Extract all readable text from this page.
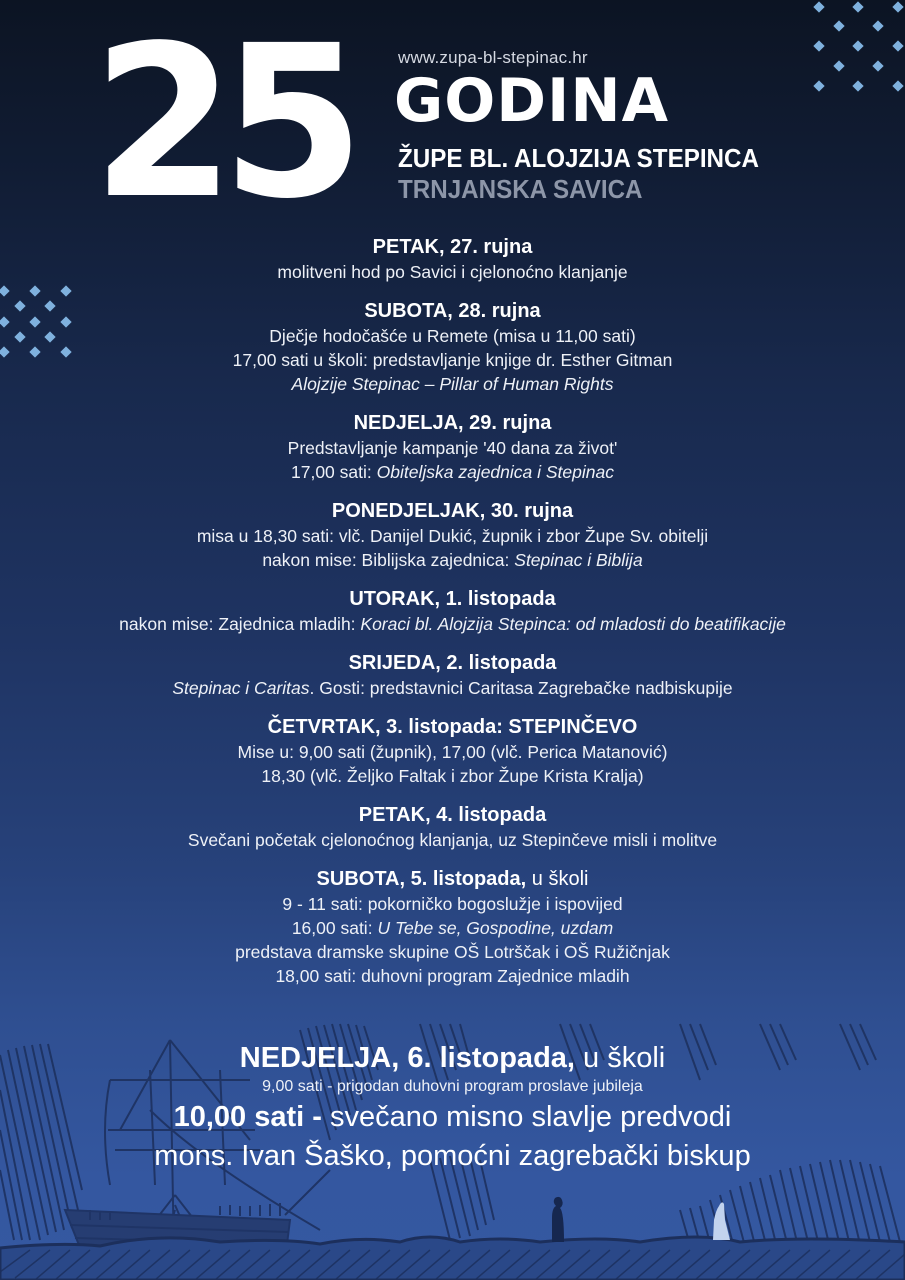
25	www.zupa-bl-stepinac.hr
GODINA
ŽUPE BL. ALOJZIJA STEPINCA
TRNJANSKA SAVICA
PETAK, 27. rujna
molitveni hod po Savici i cjelonoćno klanjanje
SUBOTA, 28. rujna
Dječje hodočašće u Remete (misa u 11,00 sati)
17,00 sati u školi: predstavljanje knjige dr. Esther Gitman
Alojzije Stepinac – Pillar of Human Rights
NEDJELJA, 29. rujna
Predstavljanje kampanje '40 dana za život'
17,00 sati: Obiteljska zajednica i Stepinac
PONEDJELJAK, 30. rujna
misa u 18,30 sati: vlč. Danijel Dukić, župnik i zbor Župe Sv. obitelji
nakon mise: Biblijska zajednica: Stepinac i Biblija
UTORAK, 1. listopada
nakon mise: Zajednica mladih: Koraci bl. Alojzija Stepinca: od mladosti do beatifikacije
SRIJEDA, 2. listopada
Stepinac i Caritas. Gosti: predstavnici Caritasa Zagrebačke nadbiskupije
ČETVRTAK, 3. listopada: STEPINČEVO
Mise u: 9,00 sati (župnik), 17,00 (vlč. Perica Matanović)
18,30 (vlč. Željko Faltak i zbor Župe Krista Kralja)
PETAK, 4. listopada
Svečani početak cjelonoćnog klanjanja, uz Stepinčeve misli i molitve
SUBOTA, 5. listopada, u školi
9 - 11 sati: pokorničko bogoslužje i ispovijed
16,00 sati: U Tebe se, Gospodine, uzdam
predstava dramske skupine OŠ Lotrščak i OŠ Ružičnjak
18,00 sati: duhovni program Zajednice mladih
NEDJELJA, 6. listopada, u školi
9,00 sati - prigodan duhovni program proslave jubileja
10,00 sati - svečano misno slavlje predvodi
mons. Ivan Šaško, pomoćni zagrebački biskup
